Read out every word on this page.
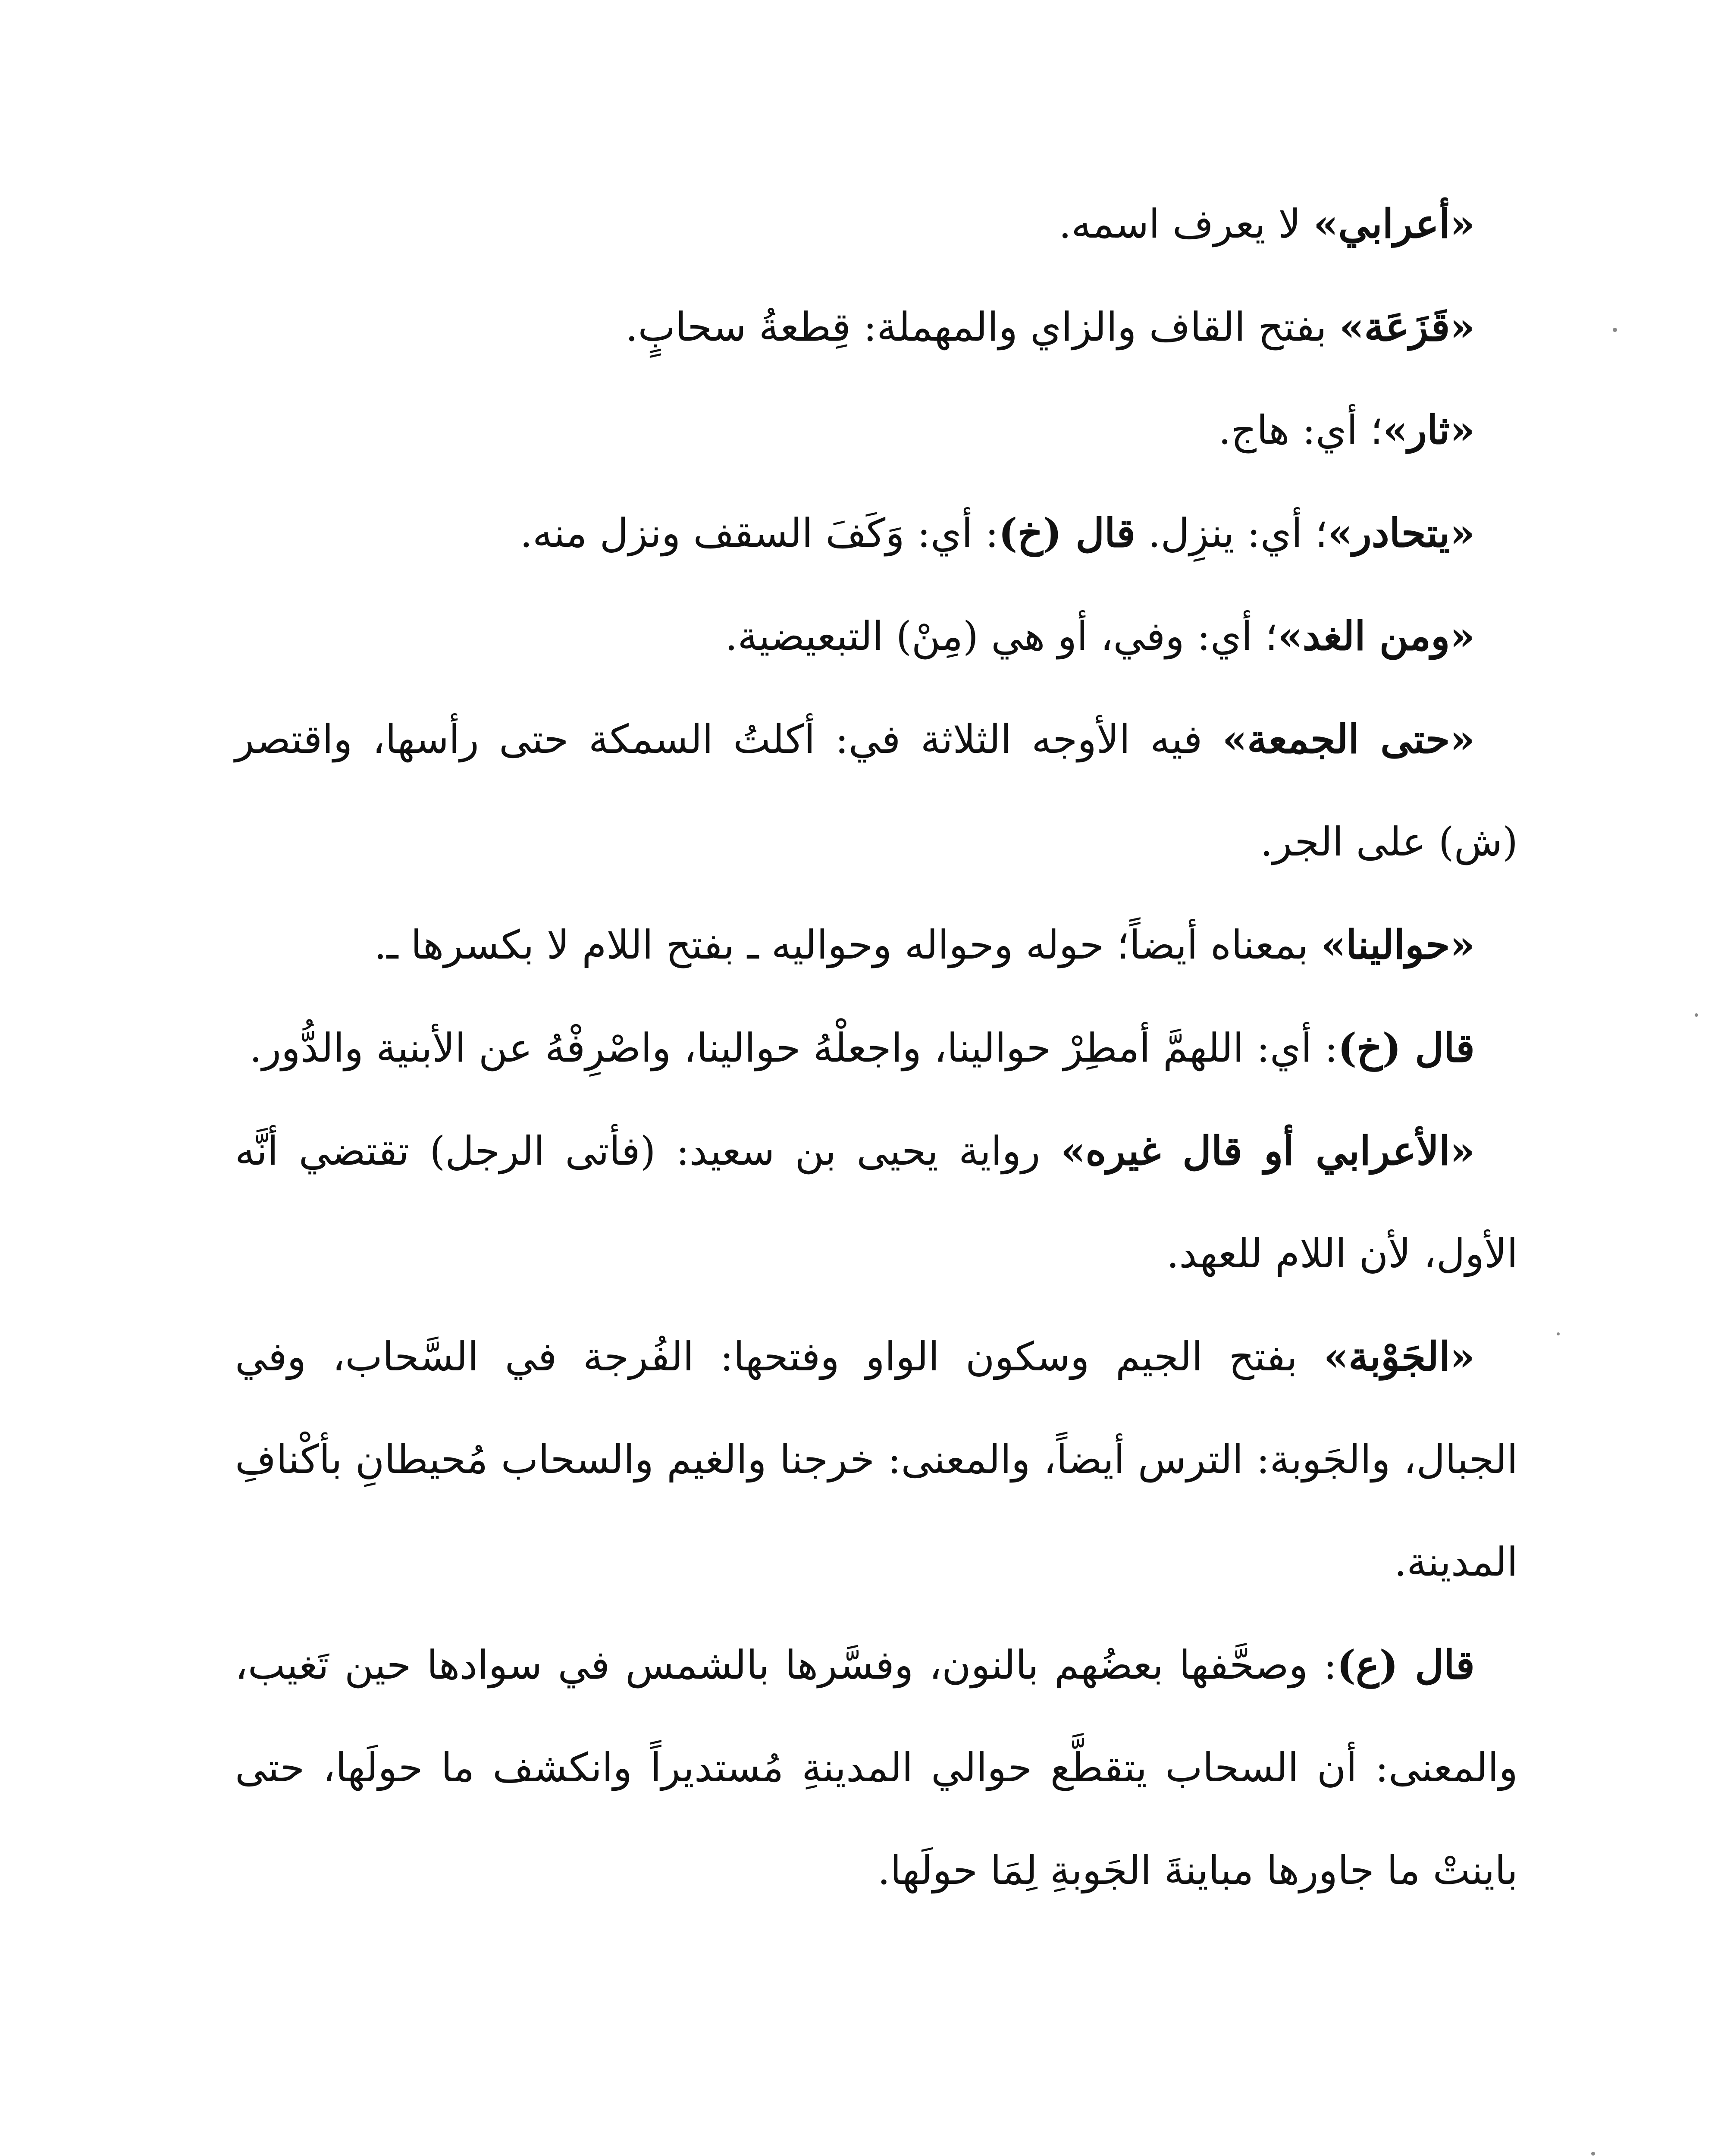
«أعرابي» لا يعرف اسمه.

«قَزَعَة» بفتح القاف والزاي والمهملة: قِطعةُ سحابٍ.

«ثار»؛ أي: هاج.

«يتحادر»؛ أي: ينزِل. قال (خ): أي: وَكَفَ السقف ونزل منه.

«ومن الغد»؛ أي: وفي، أو هي (مِنْ) التبعيضية.

«حتى الجمعة» فيه الأوجه الثلاثة في: أكلتُ السمكة حتى رأسها، واقتصر (ش) على الجر.

«حوالينا» بمعناه أيضاً؛ حوله وحواله وحواليه ـ بفتح اللام لا بكسرها ـ.

قال (خ): أي: اللهمَّ أمطِرْ حوالينا، واجعلْهُ حوالينا، واصْرِفْهُ عن الأبنية والدُّور.

«الأعرابي أو قال غيره» رواية يحيى بن سعيد: (فأتى الرجل) تقتضي أنَّه الأول، لأن اللام للعهد.

«الجَوْبة» بفتح الجيم وسكون الواو وفتحها: الفُرجة في السَّحاب، وفي الجبال، والجَوبة: الترس أيضاً، والمعنى: خرجنا والغيم والسحاب مُحيطانِ بأكْنافِ المدينة.

قال (ع): وصحَّفها بعضُهم بالنون، وفسَّرها بالشمس في سوادها حين تَغيب، والمعنى: أن السحاب يتقطَّع حوالي المدينةِ مُستديراً وانكشف ما حولَها، حتى باينتْ ما جاورها مباينةَ الجَوبةِ لِمَا حولَها.
